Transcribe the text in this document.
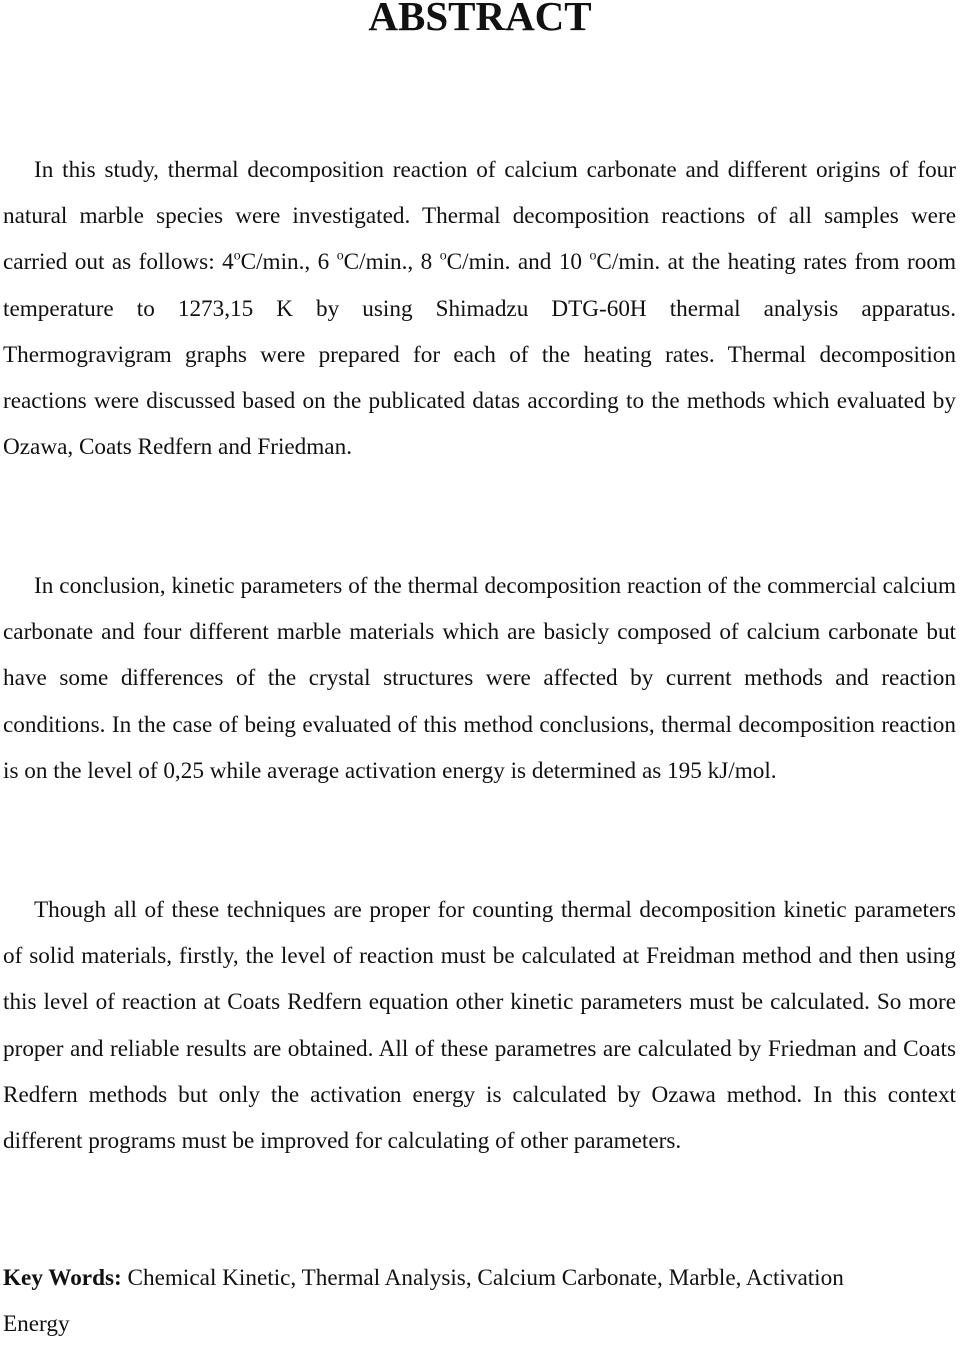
ABSTRACT

In this study, thermal decomposition reaction of calcium carbonate and different origins of four natural marble species were investigated. Thermal decomposition reactions of all samples were carried out as follows: 4$^o$C/min., 6 $^o$C/min., 8 $^o$C/min. and 10 $^o$C/min. at the heating rates from room temperature to 1273,15 K by using Shimadzu DTG-60H thermal analysis apparatus. Thermogravigram graphs were prepared for each of the heating rates. Thermal decomposition reactions were discussed based on the publicated datas according to the methods which evaluated by Ozawa, Coats Redfern and Friedman.

In conclusion, kinetic parameters of the thermal decomposition reaction of the commercial calcium carbonate and four different marble materials which are basicly composed of calcium carbonate but have some differences of the crystal structures were affected by current methods and reaction conditions. In the case of being evaluated of this method conclusions, thermal decomposition reaction is on the level of 0,25 while average activation energy is determined as 195 kJ/mol.

Though all of these techniques are proper for counting thermal decomposition kinetic parameters of solid materials, firstly, the level of reaction must be calculated at Freidman method and then using this level of reaction at Coats Redfern equation other kinetic parameters must be calculated. So more proper and reliable results are obtained. All of these parametres are calculated by Friedman and Coats Redfern methods but only the activation energy is calculated by Ozawa method. In this context different programs must be improved for calculating of other parameters.

Key Words: Chemical Kinetic, Thermal Analysis, Calcium Carbonate, Marble, Activation Energy
